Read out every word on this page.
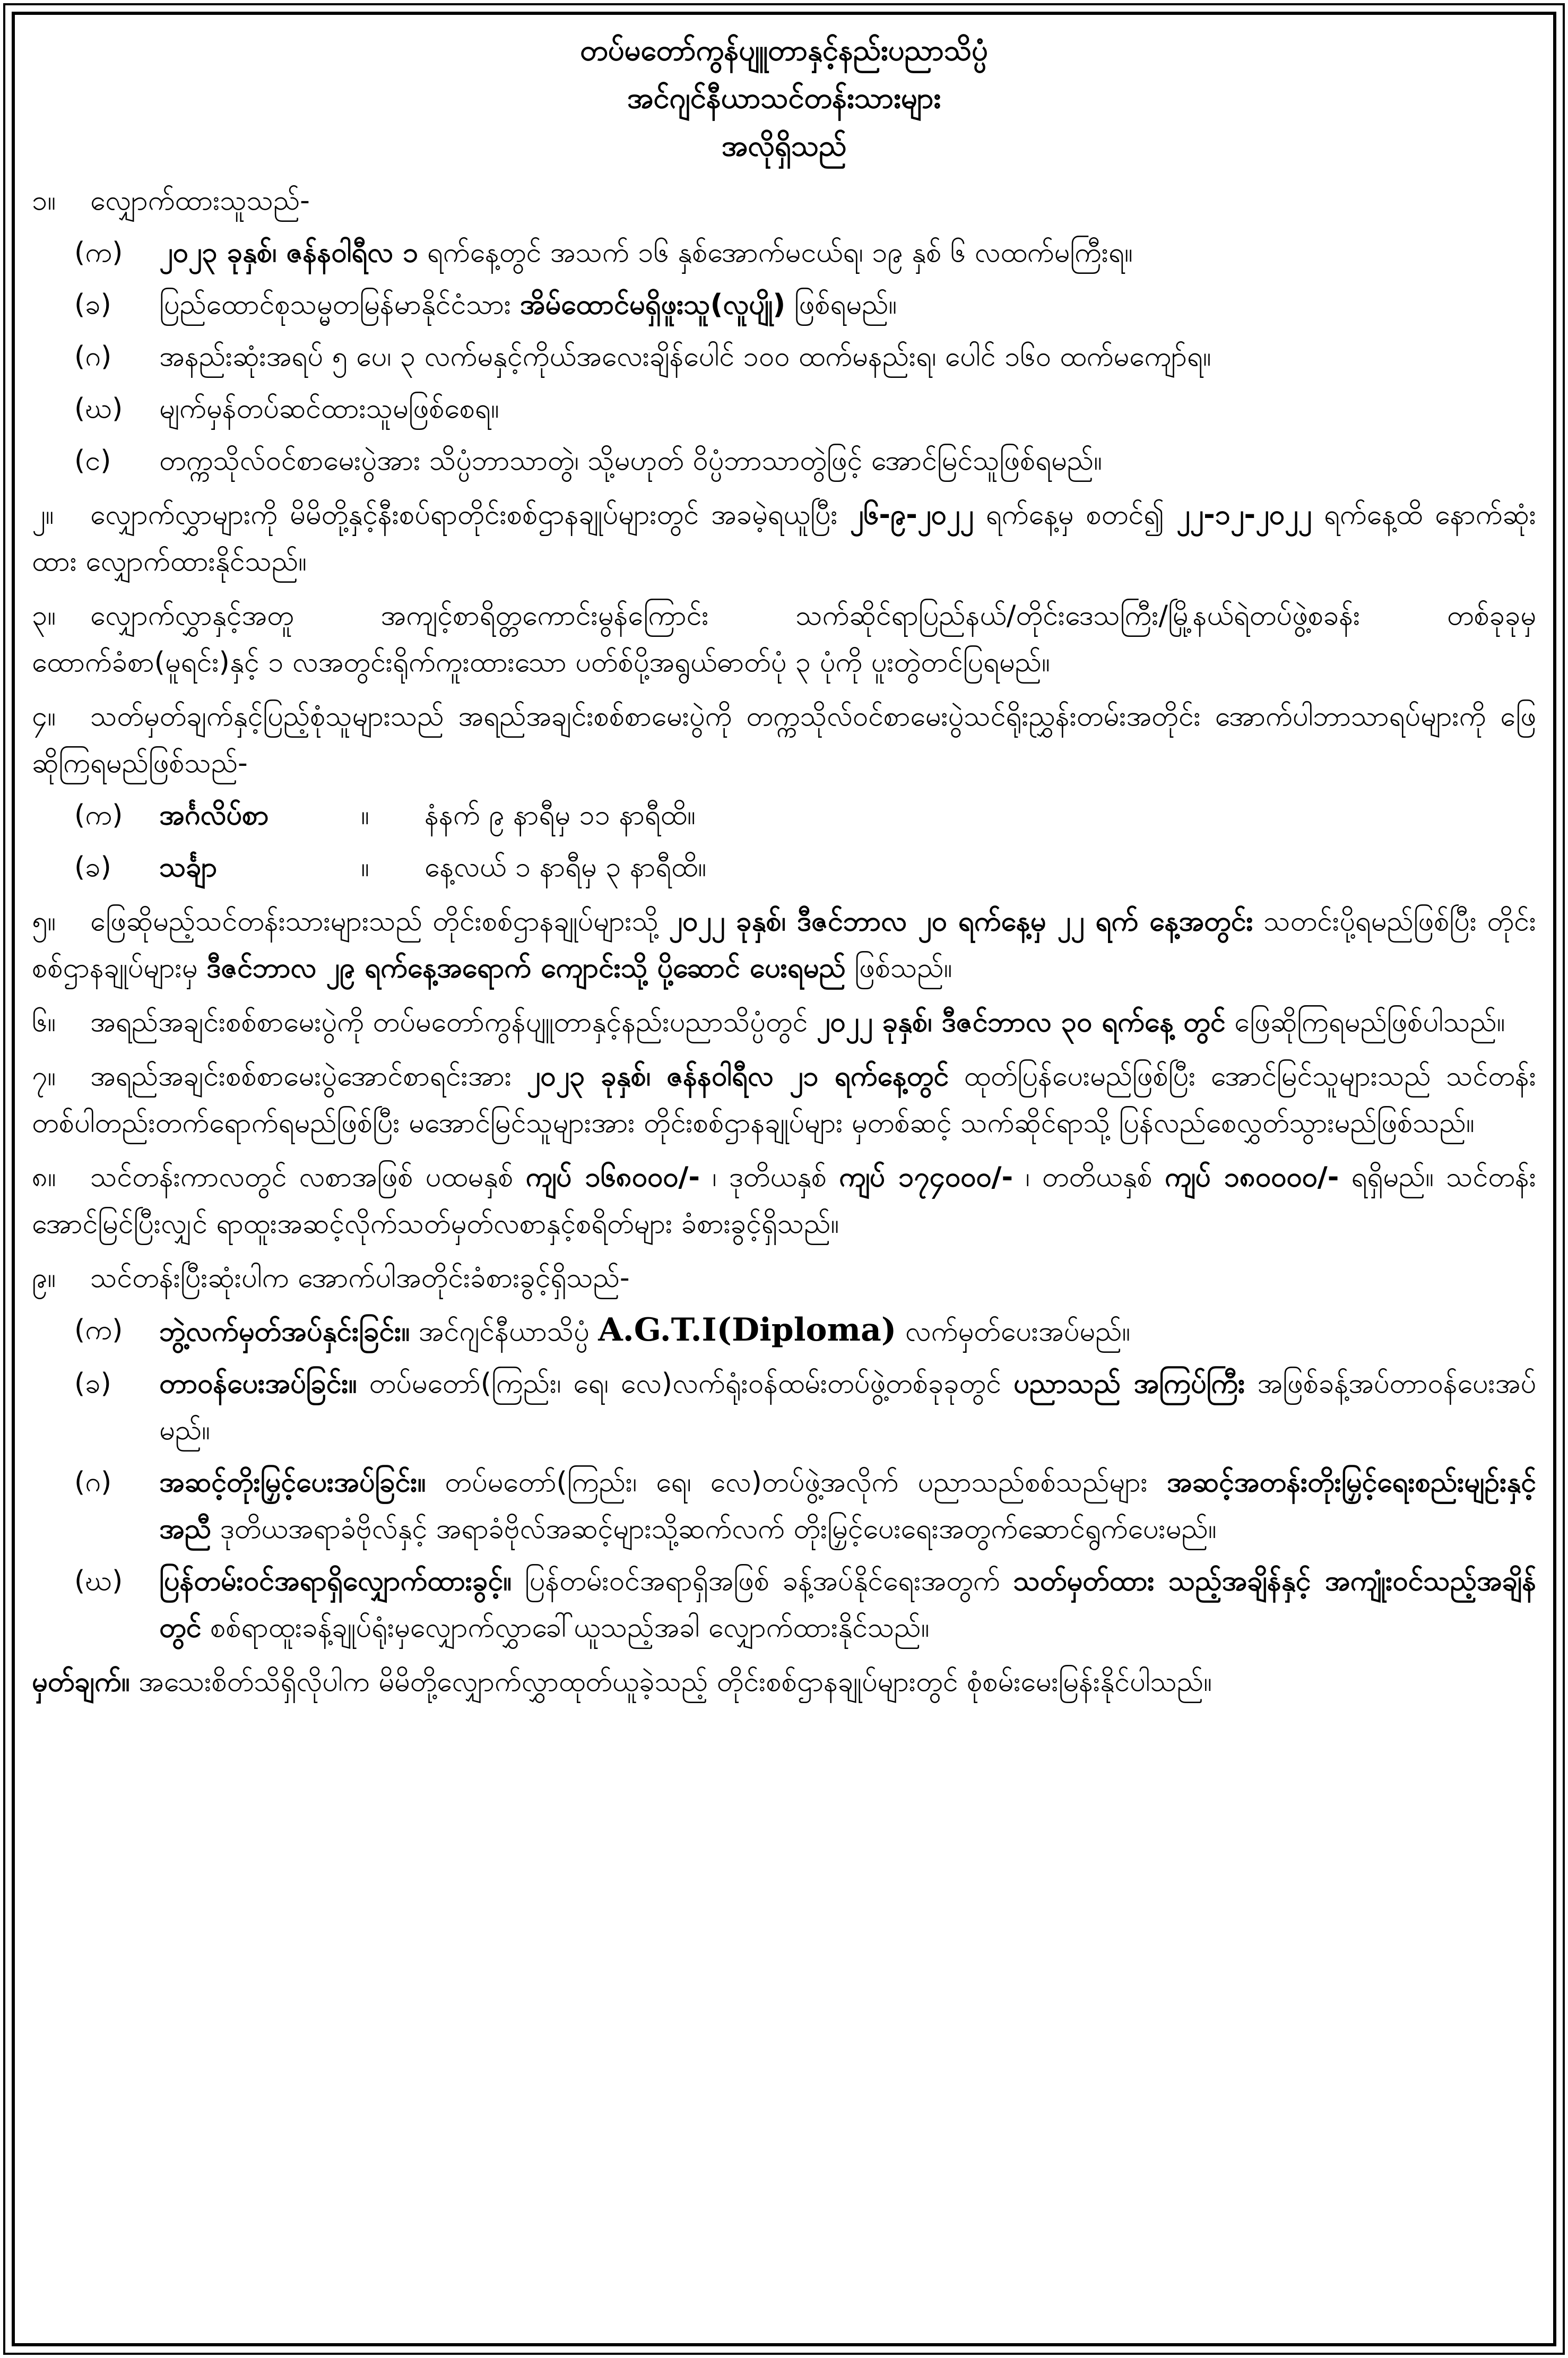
တပ်မတော်ကွန်ပျူတာနှင့်နည်းပညာသိပ္ပံ
အင်ဂျင်နီယာသင်တန်းသားများ
အလိုရှိသည်
၁။ လျှောက်ထားသူသည်-
(က)	၂၀၂၃ ခုနှစ်၊ ဇန်နဝါရီလ ၁ ရက်နေ့တွင် အသက် ၁၆ နှစ်အောက်မငယ်ရ၊ ၁၉ နှစ် ၆ လထက်မကြီးရ။
(ခ)	ပြည်ထောင်စုသမ္မတမြန်မာနိုင်ငံသား အိမ်ထောင်မရှိဖူးသူ(လူပျို) ဖြစ်ရမည်။
(ဂ)	အနည်းဆုံးအရပ် ၅ ပေ၊ ၃ လက်မနှင့်ကိုယ်အလေးချိန်ပေါင် ၁၀၀ ထက်မနည်းရ၊ ပေါင် ၁၆၀ ထက်မကျော်ရ။
(ဃ)	မျက်မှန်တပ်ဆင်ထားသူမဖြစ်စေရ။
(င)	တက္ကသိုလ်ဝင်စာမေးပွဲအား သိပ္ပံဘာသာတွဲ၊ သို့မဟုတ် ဝိပ္ပံဘာသာတွဲဖြင့် အောင်မြင်သူဖြစ်ရမည်။
၂။ လျှောက်လွှာများကို မိမိတို့နှင့်နီးစပ်ရာတိုင်းစစ်ဌာနချုပ်များတွင် အခမဲ့ရယူပြီး ၂၆-၉-၂၀၂၂ ရက်နေ့မှ စတင်၍ ၂၂-၁၂-၂၀၂၂ ရက်နေ့ထိ နောက်ဆုံးထား လျှောက်ထားနိုင်သည်။
၃။ လျှောက်လွှာနှင့်အတူ အကျင့်စာရိတ္တကောင်းမွန်ကြောင်း သက်ဆိုင်ရာပြည်နယ်/တိုင်းဒေသကြီး/မြို့နယ်ရဲတပ်ဖွဲ့စခန်း တစ်ခုခုမှ ထောက်ခံစာ(မူရင်း)နှင့် ၁ လအတွင်းရိုက်ကူးထားသော ပတ်စ်ပို့အရွယ်ဓာတ်ပုံ ၃ ပုံကို ပူးတွဲတင်ပြရမည်။
၄။ သတ်မှတ်ချက်နှင့်ပြည့်စုံသူများသည် အရည်အချင်းစစ်စာမေးပွဲကို တက္ကသိုလ်ဝင်စာမေးပွဲသင်ရိုးညွှန်းတမ်းအတိုင်း အောက်ပါဘာသာရပ်များကို ဖြေဆိုကြရမည်ဖြစ်သည်-
(က)	အင်္ဂလိပ်စာ	။	နံနက် ၉ နာရီမှ ၁၁ နာရီထိ။
(ခ)	သင်္ချာ	။	နေ့လယ် ၁ နာရီမှ ၃ နာရီထိ။
၅။ ဖြေဆိုမည့်သင်တန်းသားများသည် တိုင်းစစ်ဌာနချုပ်များသို့ ၂၀၂၂ ခုနှစ်၊ ဒီဇင်ဘာလ ၂၀ ရက်နေ့မှ ၂၂ ရက် နေ့အတွင်း သတင်းပို့ရမည်ဖြစ်ပြီး တိုင်းစစ်ဌာနချုပ်များမှ ဒီဇင်ဘာလ ၂၉ ရက်နေ့အရောက် ကျောင်းသို့ ပို့ဆောင် ပေးရမည် ဖြစ်သည်။
၆။ အရည်အချင်းစစ်စာမေးပွဲကို တပ်မတော်ကွန်ပျူတာနှင့်နည်းပညာသိပ္ပံတွင် ၂၀၂၂ ခုနှစ်၊ ဒီဇင်ဘာလ ၃၀ ရက်နေ့ တွင် ဖြေဆိုကြရမည်ဖြစ်ပါသည်။
၇။ အရည်အချင်းစစ်စာမေးပွဲအောင်စာရင်းအား ၂၀၂၃ ခုနှစ်၊ ဇန်နဝါရီလ ၂၁ ရက်နေ့တွင် ထုတ်ပြန်ပေးမည်ဖြစ်ပြီး အောင်မြင်သူများသည် သင်တန်းတစ်ပါတည်းတက်ရောက်ရမည်ဖြစ်ပြီး မအောင်မြင်သူများအား တိုင်းစစ်ဌာနချုပ်များ မှတစ်ဆင့် သက်ဆိုင်ရာသို့ ပြန်လည်စေလွှတ်သွားမည်ဖြစ်သည်။
၈။ သင်တန်းကာလတွင် လစာအဖြစ် ပထမနှစ် ကျပ် ၁၆၈၀၀၀/- ၊ ဒုတိယနှစ် ကျပ် ၁၇၄၀၀၀/- ၊ တတိယနှစ် ကျပ် ၁၈၀၀၀၀/- ရရှိမည်။ သင်တန်းအောင်မြင်ပြီးလျှင် ရာထူးအဆင့်လိုက်သတ်မှတ်လစာနှင့်စရိတ်များ ခံစားခွင့်ရှိသည်။
၉။ သင်တန်းပြီးဆုံးပါက အောက်ပါအတိုင်းခံစားခွင့်ရှိသည်-
(က)	ဘွဲ့လက်မှတ်အပ်နှင်းခြင်း။ အင်ဂျင်နီယာသိပ္ပံ A.G.T.I(Diploma) လက်မှတ်ပေးအပ်မည်။
(ခ)	တာဝန်ပေးအပ်ခြင်း။ တပ်မတော်(ကြည်း၊ ရေ၊ လေ)လက်ရုံးဝန်ထမ်းတပ်ဖွဲ့တစ်ခုခုတွင် ပညာသည် အကြပ်ကြီး အဖြစ်ခန့်အပ်တာဝန်ပေးအပ်မည်။
(ဂ)	အဆင့်တိုးမြှင့်ပေးအပ်ခြင်း။ တပ်မတော်(ကြည်း၊ ရေ၊ လေ)တပ်ဖွဲ့အလိုက် ပညာသည်စစ်သည်များ အဆင့်အတန်းတိုးမြှင့်ရေးစည်းမျဉ်းနှင့်အညီ ဒုတိယအရာခံဗိုလ်နှင့် အရာခံဗိုလ်အဆင့်များသို့ဆက်လက် တိုးမြှင့်ပေးရေးအတွက်ဆောင်ရွက်ပေးမည်။
(ဃ)	ပြန်တမ်းဝင်အရာရှိလျှောက်ထားခွင့်။ ပြန်တမ်းဝင်အရာရှိအဖြစ် ခန့်အပ်နိုင်ရေးအတွက် သတ်မှတ်ထား သည့်အချိန်နှင့် အကျုံးဝင်သည့်အချိန်တွင် စစ်ရာထူးခန့်ချုပ်ရုံးမှလျှောက်လွှာခေါ်ယူသည့်အခါ လျှောက်ထားနိုင်သည်။
မှတ်ချက်။ အသေးစိတ်သိရှိလိုပါက မိမိတို့လျှောက်လွှာထုတ်ယူခဲ့သည့် တိုင်းစစ်ဌာနချုပ်များတွင် စုံစမ်းမေးမြန်းနိုင်ပါသည်။
